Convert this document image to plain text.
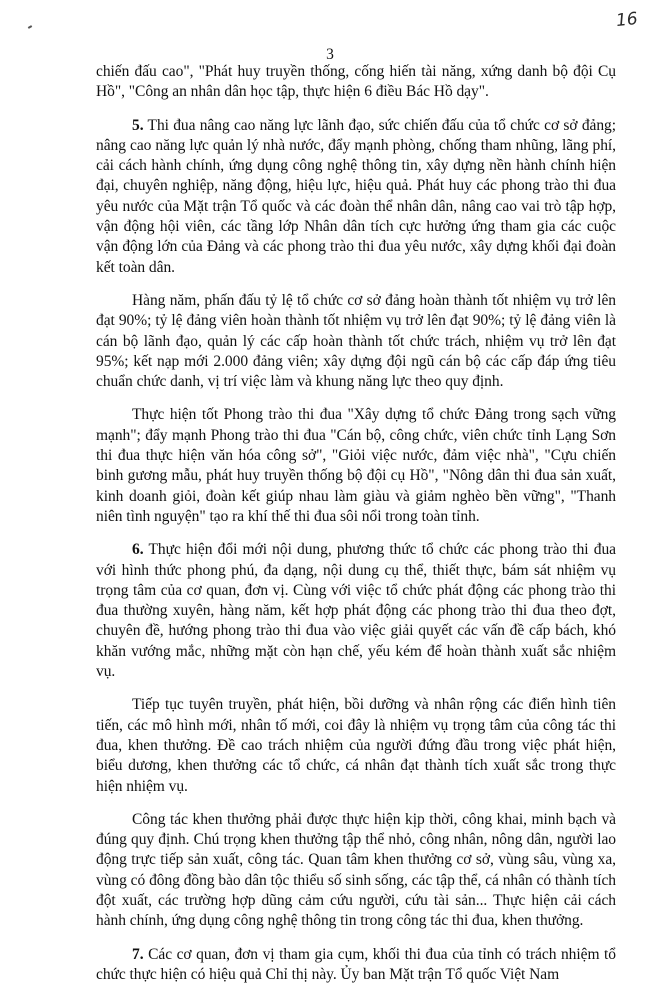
16
3

chiến đấu cao", "Phát huy truyền thống, cống hiến tài năng, xứng danh bộ đội Cụ Hồ", "Công an nhân dân học tập, thực hiện 6 điều Bác Hồ dạy".

5. Thi đua nâng cao năng lực lãnh đạo, sức chiến đấu của tổ chức cơ sở đảng; nâng cao năng lực quản lý nhà nước, đẩy mạnh phòng, chống tham nhũng, lãng phí, cải cách hành chính, ứng dụng công nghệ thông tin, xây dựng nền hành chính hiện đại, chuyên nghiệp, năng động, hiệu lực, hiệu quả. Phát huy các phong trào thi đua yêu nước của Mặt trận Tổ quốc và các đoàn thể nhân dân, nâng cao vai trò tập hợp, vận động hội viên, các tầng lớp Nhân dân tích cực hưởng ứng tham gia các cuộc vận động lớn của Đảng và các phong trào thi đua yêu nước, xây dựng khối đại đoàn kết toàn dân.

Hàng năm, phấn đấu tỷ lệ tổ chức cơ sở đảng hoàn thành tốt nhiệm vụ trở lên đạt 90%; tỷ lệ đảng viên hoàn thành tốt nhiệm vụ trở lên đạt 90%; tỷ lệ đảng viên là cán bộ lãnh đạo, quản lý các cấp hoàn thành tốt chức trách, nhiệm vụ trở lên đạt 95%; kết nạp mới 2.000 đảng viên; xây dựng đội ngũ cán bộ các cấp đáp ứng tiêu chuẩn chức danh, vị trí việc làm và khung năng lực theo quy định.

Thực hiện tốt Phong trào thi đua "Xây dựng tổ chức Đảng trong sạch vững mạnh"; đẩy mạnh Phong trào thi đua "Cán bộ, công chức, viên chức tỉnh Lạng Sơn thi đua thực hiện văn hóa công sở", "Giỏi việc nước, đảm việc nhà", "Cựu chiến binh gương mẫu, phát huy truyền thống bộ đội cụ Hồ", "Nông dân thi đua sản xuất, kinh doanh giỏi, đoàn kết giúp nhau làm giàu và giảm nghèo bền vững", "Thanh niên tình nguyện" tạo ra khí thế thi đua sôi nổi trong toàn tỉnh.

6. Thực hiện đổi mới nội dung, phương thức tổ chức các phong trào thi đua với hình thức phong phú, đa dạng, nội dung cụ thể, thiết thực, bám sát nhiệm vụ trọng tâm của cơ quan, đơn vị. Cùng với việc tổ chức phát động các phong trào thi đua thường xuyên, hàng năm, kết hợp phát động các phong trào thi đua theo đợt, chuyên đề, hướng phong trào thi đua vào việc giải quyết các vấn đề cấp bách, khó khăn vướng mắc, những mặt còn hạn chế, yếu kém để hoàn thành xuất sắc nhiệm vụ.

Tiếp tục tuyên truyền, phát hiện, bồi dưỡng và nhân rộng các điển hình tiên tiến, các mô hình mới, nhân tố mới, coi đây là nhiệm vụ trọng tâm của công tác thi đua, khen thưởng. Đề cao trách nhiệm của người đứng đầu trong việc phát hiện, biểu dương, khen thưởng các tổ chức, cá nhân đạt thành tích xuất sắc trong thực hiện nhiệm vụ.

Công tác khen thưởng phải được thực hiện kịp thời, công khai, minh bạch và đúng quy định. Chú trọng khen thưởng tập thể nhỏ, công nhân, nông dân, người lao động trực tiếp sản xuất, công tác. Quan tâm khen thưởng cơ sở, vùng sâu, vùng xa, vùng có đông đồng bào dân tộc thiểu số sinh sống, các tập thể, cá nhân có thành tích đột xuất, các trường hợp dũng cảm cứu người, cứu tài sản... Thực hiện cải cách hành chính, ứng dụng công nghệ thông tin trong công tác thi đua, khen thưởng.

7. Các cơ quan, đơn vị tham gia cụm, khối thi đua của tỉnh có trách nhiệm tổ chức thực hiện có hiệu quả Chỉ thị này. Ủy ban Mặt trận Tổ quốc Việt Nam
